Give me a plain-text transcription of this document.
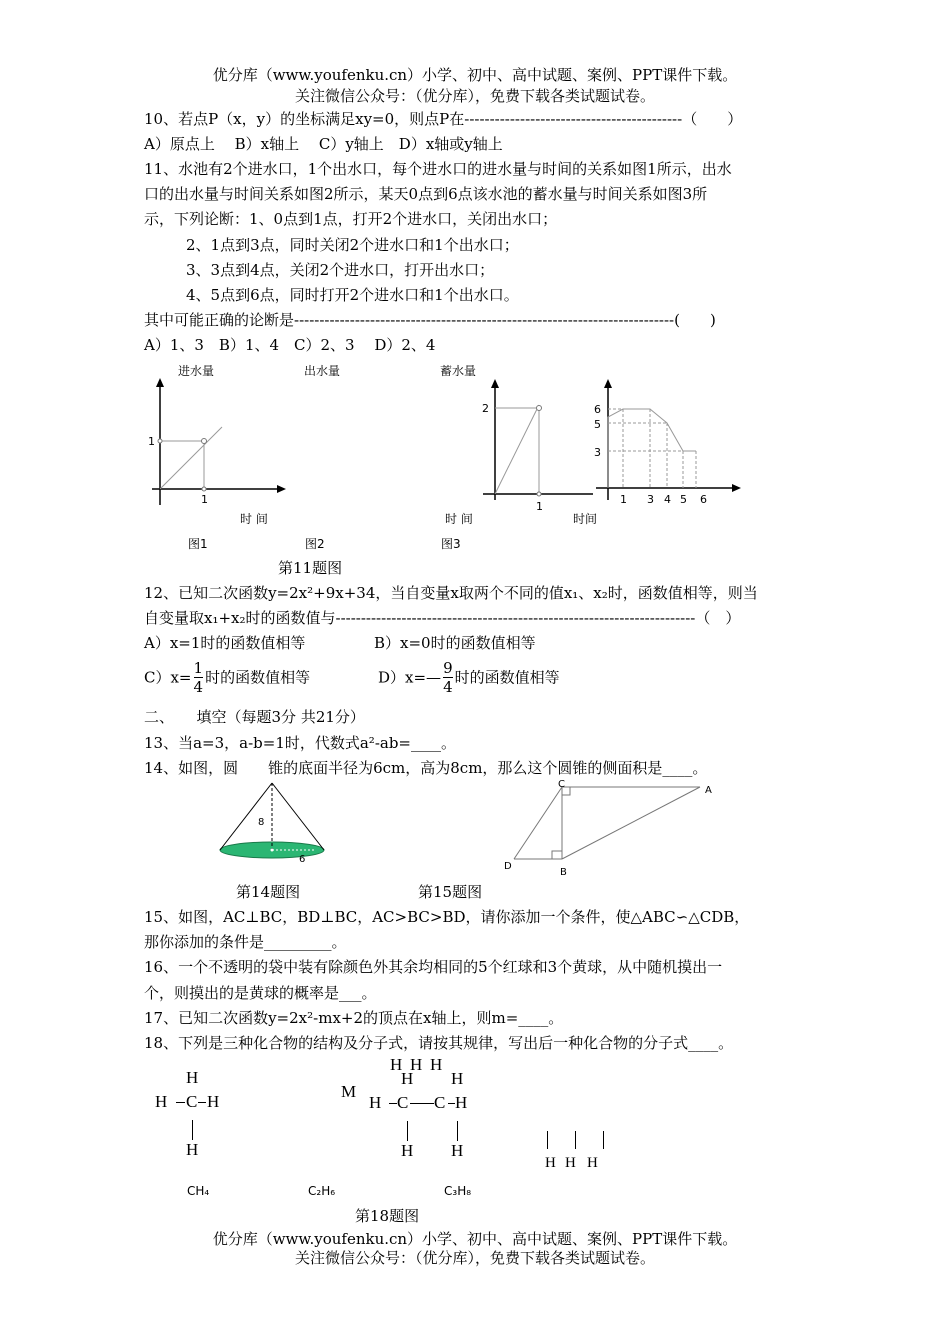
优分库（www.youfenku.cn）小学、初中、高中试题、案例、PPT课件下载。
关注微信公众号：（优分库），免费下载各类试题试卷。
10、若点P（x，y）的坐标满足xy=0，则点P在-------------------------------------------（　　）
A）原点上　 B）x轴上　 C）y轴上　D）x轴或y轴上
11、水池有2个进水口，1个出水口，每个进水口的进水量与时间的关系如图1所示，出水
口的出水量与时间关系如图2所示，某天0点到6点该水池的蓄水量与时间关系如图3所
示，下列论断：1、0点到1点，打开2个进水口，关闭出水口；
2、1点到3点，同时关闭2个进水口和1个出水口；
3、3点到4点，关闭2个进水口，打开出水口；
4、5点到6点，同时打开2个进水口和1个出水口。
其中可能正确的论断是---------------------------------------------------------------------------(　　)
A）1、3　B）1、4　C）2、3　 D）2、4
进水量	出水量	蓄水量
1
1
2
1
6
5
3
1 3 4 5 6
时 间	时 间	时间
图1	图2	图3
第11题图
12、已知二次函数y=2x²+9x+34，当自变量x取两个不同的值x₁、x₂时，函数值相等，则当
自变量取x₁+x₂时的函数值与-----------------------------------------------------------------------（　）
A）x=1时的函数值相等	B）x=0时的函数值相等
$C)x= \frac{1}{4}$ 时的函数值相等	D）x=— $\frac{9}{4}$ 时的函数值相等
二、　　填空（每题3分 共21分）
13、当a=3，a-b=1时，代数式a²-ab=____。
14、如图，圆　　锥的底面半径为6cm，高为8cm，那么这个圆锥的侧面积是____。
8
6
C
A
D
B
第14题图	第15题图
15、如图，AC⊥BC，BD⊥BC，AC>BC>BD，请你添加一个条件，使△ABC∽△CDB，
那你添加的条件是_________。
16、一个不透明的袋中装有除颜色外其余均相同的5个红球和3个黄球，从中随机摸出一
个，则摸出的是黄球的概率是___。
17、已知二次函数y=2x²-mx+2的顶点在x轴上，则m=____。
18、下列是三种化合物的结构及分子式，请按其规律，写出后一种化合物的分子式____。
H
H C H
H
M
H H H
H H
H C C H
H H
H H H
CH₄	C₂H₆	C₃H₈
第18题图
优分库（www.youfenku.cn）小学、初中、高中试题、案例、PPT课件下载。
关注微信公众号：（优分库），免费下载各类试题试卷。
